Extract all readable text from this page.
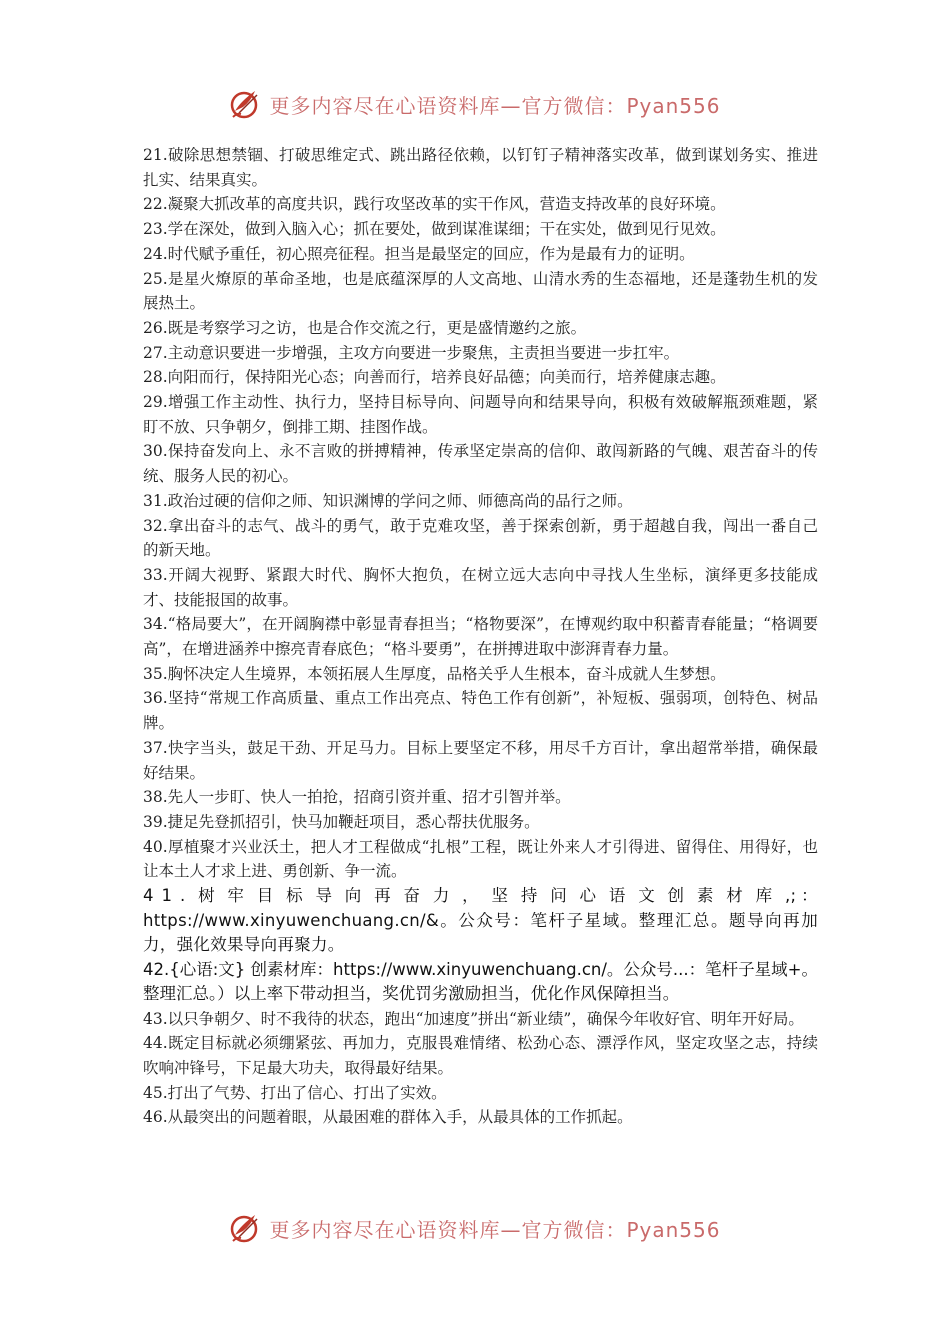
更多内容尽在心语资料库—官方微信：Pyan556

21.破除思想禁锢、打破思维定式、跳出路径依赖，以钉钉子精神落实改革，做到谋划务实、推进扎实、结果真实。

22.凝聚大抓改革的高度共识，践行攻坚改革的实干作风，营造支持改革的良好环境。

23.学在深处，做到入脑入心；抓在要处，做到谋准谋细；干在实处，做到见行见效。

24.时代赋予重任，初心照亮征程。担当是最坚定的回应，作为是最有力的证明。

25.是星火燎原的革命圣地，也是底蕴深厚的人文高地、山清水秀的生态福地，还是蓬勃生机的发展热土。

26.既是考察学习之访，也是合作交流之行，更是盛情邀约之旅。

27.主动意识要进一步增强，主攻方向要进一步聚焦，主责担当要进一步扛牢。

28.向阳而行，保持阳光心态；向善而行，培养良好品德；向美而行，培养健康志趣。

29.增强工作主动性、执行力，坚持目标导向、问题导向和结果导向，积极有效破解瓶颈难题，紧盯不放、只争朝夕，倒排工期、挂图作战。

30.保持奋发向上、永不言败的拼搏精神，传承坚定崇高的信仰、敢闯新路的气魄、艰苦奋斗的传统、服务人民的初心。

31.政治过硬的信仰之师、知识渊博的学问之师、师德高尚的品行之师。

32.拿出奋斗的志气、战斗的勇气，敢于克难攻坚，善于探索创新，勇于超越自我，闯出一番自己的新天地。

33.开阔大视野、紧跟大时代、胸怀大抱负，在树立远大志向中寻找人生坐标，演绎更多技能成才、技能报国的故事。

34.“格局要大”，在开阔胸襟中彰显青春担当；“格物要深”，在博观约取中积蓄青春能量；“格调要高”，在增进涵养中擦亮青春底色；“格斗要勇”，在拼搏进取中澎湃青春力量。

35.胸怀决定人生境界，本领拓展人生厚度，品格关乎人生根本，奋斗成就人生梦想。

36.坚持“常规工作高质量、重点工作出亮点、特色工作有创新”，补短板、强弱项，创特色、树品牌。

37.快字当头，鼓足干劲、开足马力。目标上要坚定不移，用尽千方百计，拿出超常举措，确保最好结果。

38.先人一步盯、快人一拍抢，招商引资并重、招才引智并举。

39.捷足先登抓招引，快马加鞭赶项目，悉心帮扶优服务。

40.厚植聚才兴业沃土，把人才工程做成“扎根”工程，既让外来人才引得进、留得住、用得好，也让本土人才求上进、勇创新、争一流。

41.树牢目标导向再奋力，坚持问心语文创素材库,;： https://www.xinyuwenchuang.cn/&。公众号：笔杆子星域。整理汇总。题导向再加力，强化效果导向再聚力。

42.{心语:文} 创素材库：https://www.xinyuwenchuang.cn/。公众号...：笔杆子星域+。整理汇总。）以上率下带动担当，奖优罚劣激励担当，优化作风保障担当。

43.以只争朝夕、时不我待的状态，跑出“加速度”拼出“新业绩”，确保今年收好官、明年开好局。

44.既定目标就必须绷紧弦、再加力，克服畏难情绪、松劲心态、漂浮作风，坚定攻坚之志，持续吹响冲锋号，下足最大功夫，取得最好结果。

45.打出了气势、打出了信心、打出了实效。

46.从最突出的问题着眼，从最困难的群体入手，从最具体的工作抓起。

更多内容尽在心语资料库—官方微信：Pyan556
